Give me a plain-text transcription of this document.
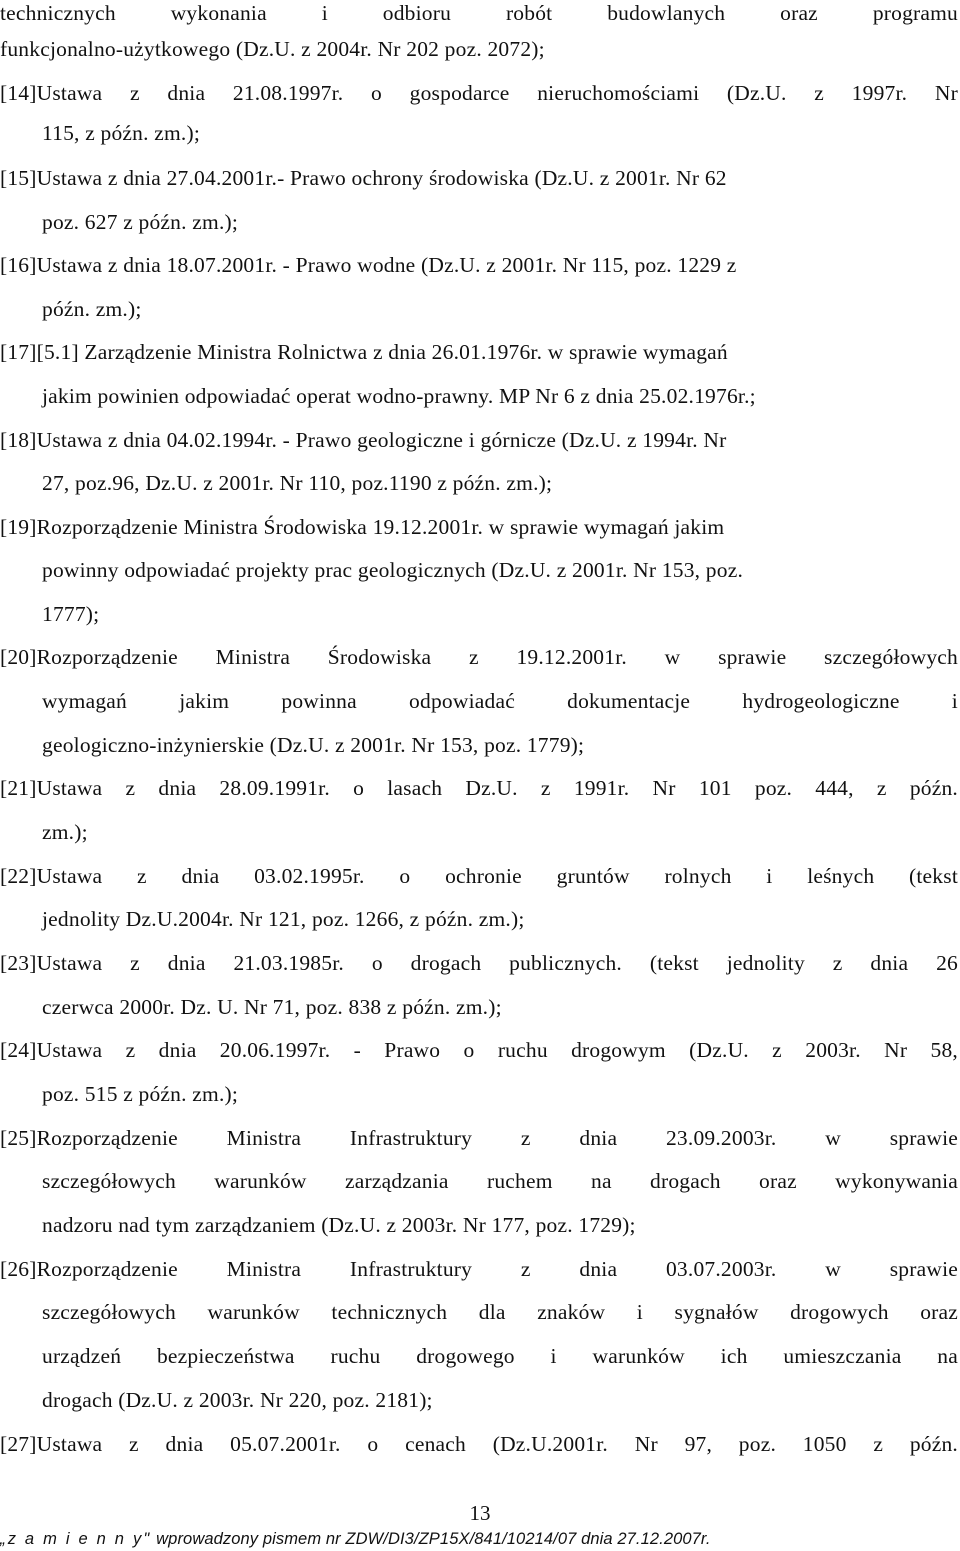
technicznych wykonania i odbioru robót budowlanych oraz programu
funkcjonalno-użytkowego (Dz.U. z 2004r. Nr 202 poz. 2072);
[14]Ustawa z dnia 21.08.1997r. o gospodarce nieruchomościami (Dz.U. z 1997r. Nr
115, z późn. zm.);
[15]Ustawa z dnia 27.04.2001r.- Prawo ochrony środowiska (Dz.U. z 2001r. Nr 62
poz. 627 z późn. zm.);
[16]Ustawa z dnia 18.07.2001r. - Prawo wodne (Dz.U. z 2001r. Nr 115, poz. 1229 z
późn. zm.);
[17][5.1] Zarządzenie Ministra Rolnictwa z dnia 26.01.1976r. w sprawie wymagań
jakim powinien odpowiadać operat wodno-prawny. MP Nr 6 z dnia 25.02.1976r.;
[18]Ustawa z dnia 04.02.1994r. - Prawo geologiczne i górnicze (Dz.U. z 1994r. Nr
27, poz.96, Dz.U. z 2001r. Nr 110, poz.1190 z późn. zm.);
[19]Rozporządzenie Ministra Środowiska 19.12.2001r. w sprawie wymagań jakim
powinny odpowiadać projekty prac geologicznych (Dz.U. z 2001r. Nr 153, poz.
1777);
[20]Rozporządzenie Ministra Środowiska z 19.12.2001r. w sprawie szczegółowych
wymagań jakim powinna odpowiadać dokumentacje hydrogeologiczne i
geologiczno-inżynierskie (Dz.U. z 2001r. Nr 153, poz. 1779);
[21]Ustawa z dnia 28.09.1991r. o lasach Dz.U. z 1991r. Nr 101 poz. 444, z późn.
zm.);
[22]Ustawa z dnia 03.02.1995r. o ochronie gruntów rolnych i leśnych (tekst
jednolity Dz.U.2004r. Nr 121, poz. 1266, z późn. zm.);
[23]Ustawa z dnia 21.03.1985r. o drogach publicznych. (tekst jednolity z dnia 26
czerwca 2000r. Dz. U. Nr 71, poz. 838 z późn. zm.);
[24]Ustawa z dnia 20.06.1997r. - Prawo o ruchu drogowym (Dz.U. z 2003r. Nr 58,
poz. 515 z późn. zm.);
[25]Rozporządzenie Ministra Infrastruktury z dnia 23.09.2003r. w sprawie
szczegółowych warunków zarządzania ruchem na drogach oraz wykonywania
nadzoru nad tym zarządzaniem (Dz.U. z 2003r. Nr 177, poz. 1729);
[26]Rozporządzenie Ministra Infrastruktury z dnia 03.07.2003r. w sprawie
szczegółowych warunków technicznych dla znaków i sygnałów drogowych oraz
urządzeń bezpieczeństwa ruchu drogowego i warunków ich umieszczania na
drogach (Dz.U. z 2003r. Nr 220, poz. 2181);
[27]Ustawa z dnia 05.07.2001r. o cenach (Dz.U.2001r. Nr 97, poz. 1050 z późn.
13
„z a m i e n n y" wprowadzony pismem nr ZDW/DI3/ZP15X/841/10214/07 dnia 27.12.2007r.
